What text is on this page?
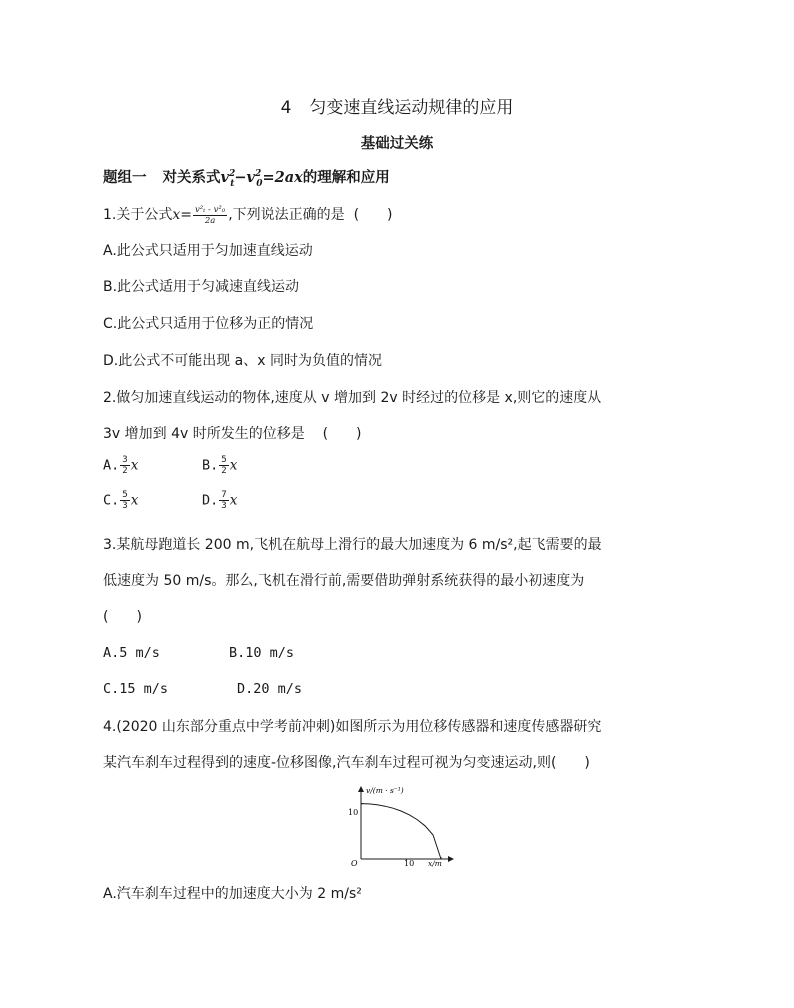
4 匀变速直线运动规律的应用
基础过关练
题组一 对关系式$v^2_t-v^2_0=2ax$的理解和应用
1.关于公式$x= \frac{\text{v²ₜ - v²₀}}{2a}$ ,下列说法正确的是 (　　)
A.此公式只适用于匀加速直线运动
B.此公式适用于匀减速直线运动
C.此公式只适用于位移为正的情况
D.此公式不可能出现 a、x 同时为负值的情况
2.做匀加速直线运动的物体,速度从 v 增加到 2v 时经过的位移是 x,则它的速度从
3v 增加到 4v 时所发生的位移是 (　　)
A. $\frac{3}{2}$ x	B. $\frac{5}{2}$ x
C. $\frac{5}{3}$ x	D. $\frac{7}{3}$ x
3.某航母跑道长 200 m,飞机在航母上滑行的最大加速度为 6 m/s²,起飞需要的最
低速度为 50 m/s。那么,飞机在滑行前,需要借助弹射系统获得的最小初速度为
(　　)
A.5 m/s	B.10 m/s
C.15 m/s	D.20 m/s
4.(2020 山东部分重点中学考前冲刺)如图所示为用位移传感器和速度传感器研究
某汽车刹车过程得到的速度-位移图像,汽车刹车过程可视为匀变速运动,则(　　)
v/(m · s⁻¹)
x/m
O
10
10
A.汽车刹车过程中的加速度大小为 2 m/s²
